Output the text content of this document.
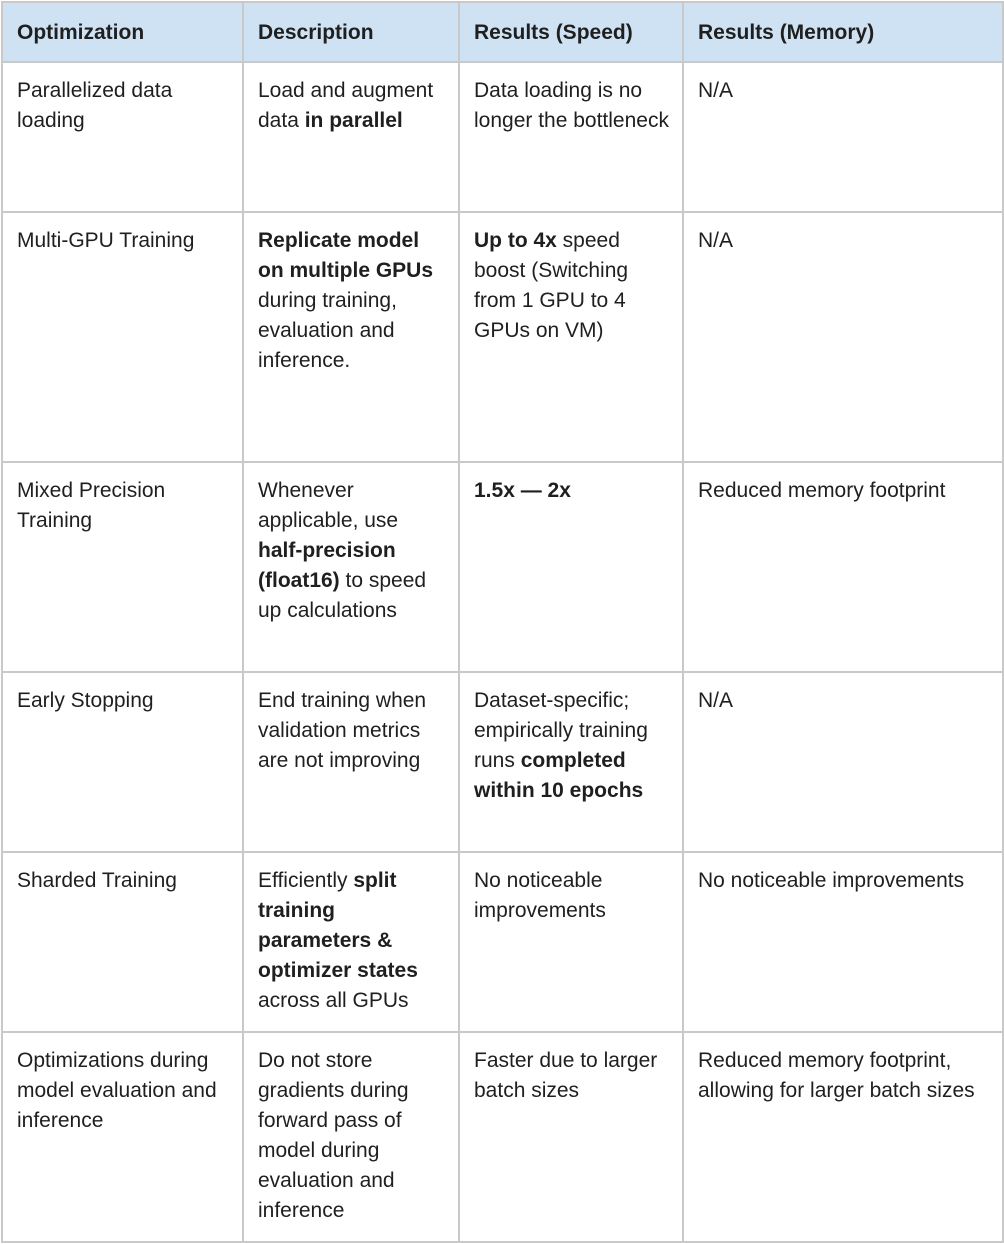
Optimization	Description	Results (Speed)	Results (Memory)
Parallelized data loading	Load and augment data in parallel	Data loading is no longer the bottleneck	N/A
Multi-GPU Training	Replicate model on multiple GPUs during training, evaluation and inference.	Up to 4x speed boost (Switching from 1 GPU to 4 GPUs on VM)	N/A
Mixed Precision Training	Whenever applicable, use half-precision (float16) to speed up calculations	1.5x — 2x	Reduced memory footprint
Early Stopping	End training when validation metrics are not improving	Dataset-specific; empirically training runs completed within 10 epochs	N/A
Sharded Training	Efficiently split training parameters & optimizer states across all GPUs	No noticeable improvements	No noticeable improvements
Optimizations during model evaluation and inference	Do not store gradients during forward pass of model during evaluation and inference	Faster due to larger batch sizes	Reduced memory footprint, allowing for larger batch sizes
